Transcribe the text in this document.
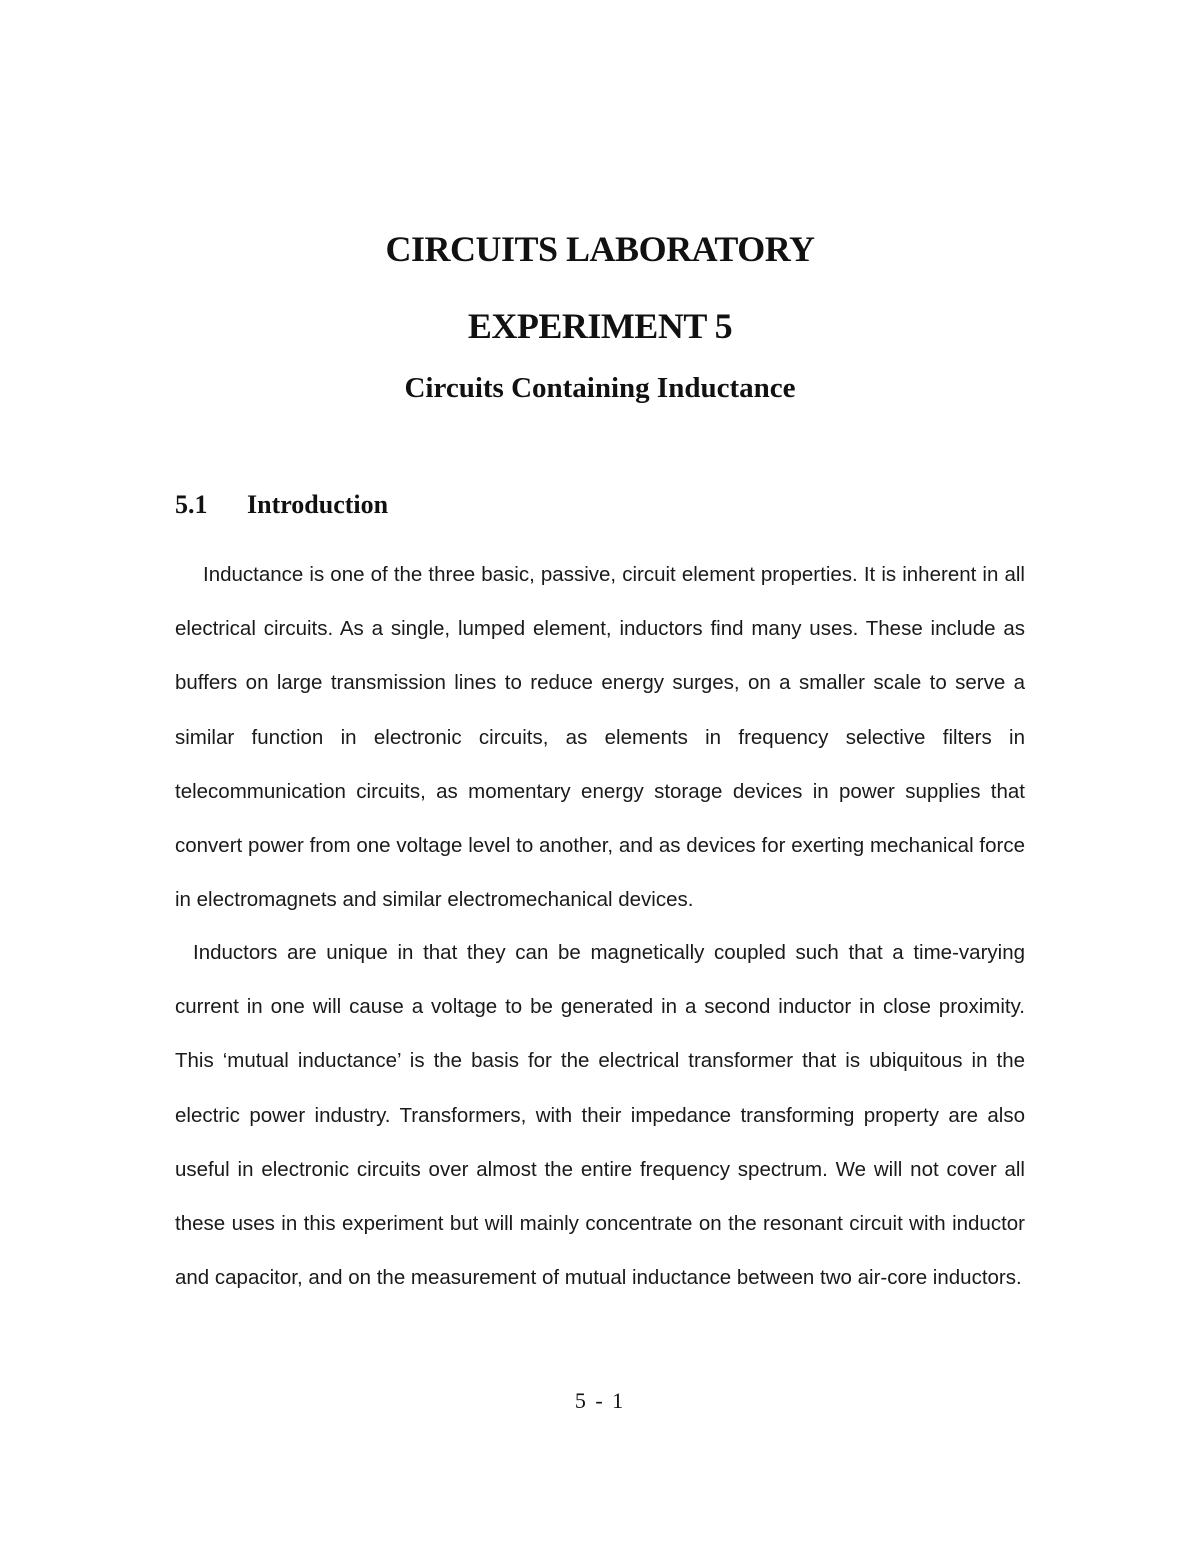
CIRCUITS LABORATORY
EXPERIMENT 5
Circuits Containing Inductance
5.1 Introduction

Inductance is one of the three basic, passive, circuit element properties. It is inherent in all electrical circuits. As a single, lumped element, inductors find many uses. These include as buffers on large transmission lines to reduce energy surges, on a smaller scale to serve a similar function in electronic circuits, as elements in frequency selective filters in telecommunication circuits, as momentary energy storage devices in power supplies that convert power from one voltage level to another, and as devices for exerting mechanical force in electromagnets and similar electromechanical devices.

Inductors are unique in that they can be magnetically coupled such that a time-varying current in one will cause a voltage to be generated in a second inductor in close proximity. This ‘mutual inductance’ is the basis for the electrical transformer that is ubiquitous in the electric power industry. Transformers, with their impedance transforming property are also useful in electronic circuits over almost the entire frequency spectrum. We will not cover all these uses in this experiment but will mainly concentrate on the resonant circuit with inductor and capacitor, and on the measurement of mutual inductance between two air-core inductors.

5 - 1
